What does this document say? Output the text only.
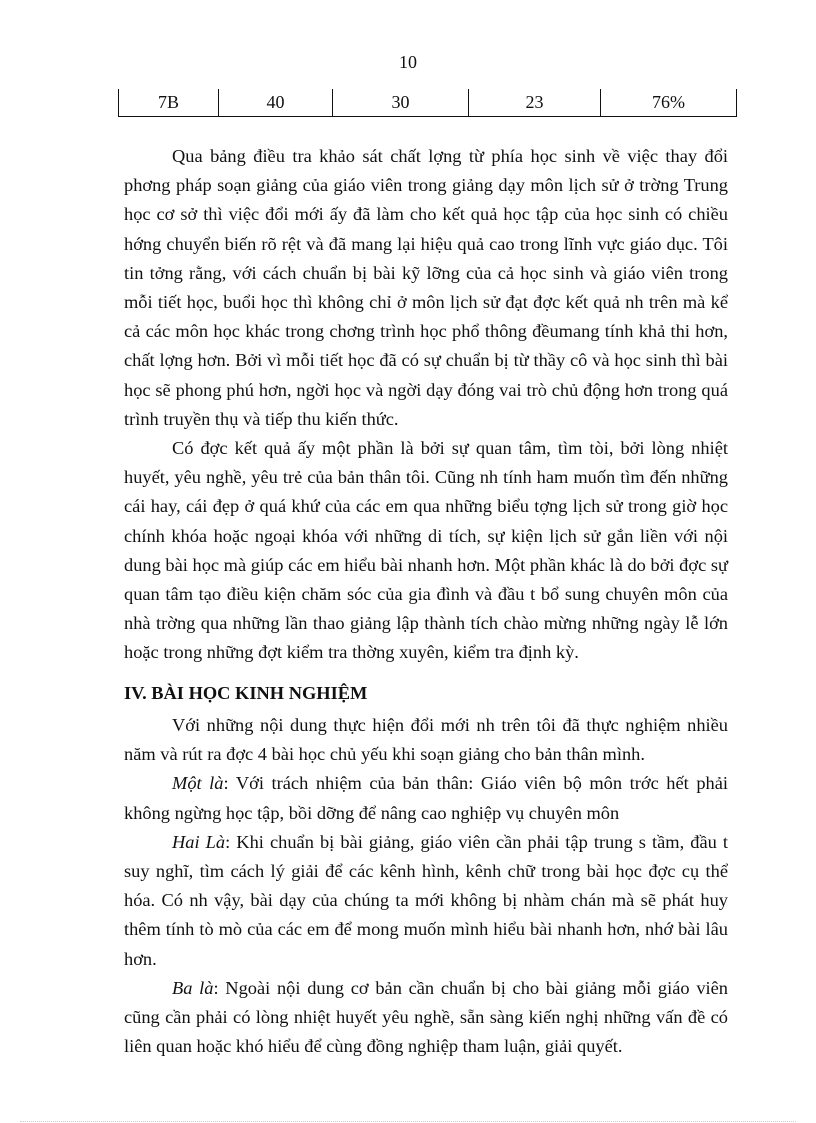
10
7B	40	30	23	76%

Qua bảng điều tra khảo sát chất lợng từ phía học sinh về việc thay đổi phơng pháp soạn giảng của giáo viên trong giảng dạy môn lịch sử ở trờng Trung học cơ sở thì việc đổi mới ấy đã làm cho kết quả học tập của học sinh có chiều hớng chuyển biến rõ rệt và đã mang lại hiệu quả cao trong lĩnh vực giáo dục. Tôi tin tởng rằng, với cách chuẩn bị bài kỹ lỡng của cả học sinh và giáo viên trong mỗi tiết học, buổi học thì không chỉ ở môn lịch sử đạt đợc kết quả nh trên mà kể cả các môn học khác trong chơng trình học phổ thông đềumang tính khả thi hơn, chất lợng hơn. Bởi vì mỗi tiết học đã có sự chuẩn bị từ thầy cô và học sinh thì bài học sẽ phong phú hơn, ngời học và ngời dạy đóng vai trò chủ động hơn trong quá trình truyền thụ và tiếp thu kiến thức.

Có đợc kết quả ấy một phần là bởi sự quan tâm, tìm tòi, bởi lòng nhiệt huyết, yêu nghề, yêu trẻ của bản thân tôi. Cũng nh tính ham muốn tìm đến những cái hay, cái đẹp ở quá khứ của các em qua những biểu tợng lịch sử trong giờ học chính khóa hoặc ngoại khóa với những di tích, sự kiện lịch sử gắn liền với nội dung bài học mà giúp các em hiểu bài nhanh hơn. Một phần khác là do bởi đợc sự quan tâm tạo điều kiện chăm sóc của gia đình và đầu t bổ sung chuyên môn của nhà trờng qua những lần thao giảng lập thành tích chào mừng những ngày lễ lớn hoặc trong những đợt kiểm tra thờng xuyên, kiểm tra định kỳ.

IV. BÀI HỌC KINH NGHIỆM

Với những nội dung thực hiện đổi mới nh trên tôi đã thực nghiệm nhiều năm và rút ra đợc 4 bài học chủ yếu khi soạn giảng cho bản thân mình.

Một là: Với trách nhiệm của bản thân: Giáo viên bộ môn trớc hết phải không ngừng học tập, bồi dỡng để nâng cao nghiệp vụ chuyên môn

Hai Là: Khi chuẩn bị bài giảng, giáo viên cần phải tập trung s tầm, đầu t suy nghĩ, tìm cách lý giải để các kênh hình, kênh chữ trong bài học đợc cụ thể hóa. Có nh vậy, bài dạy của chúng ta mới không bị nhàm chán mà sẽ phát huy thêm tính tò mò của các em để mong muốn mình hiểu bài nhanh hơn, nhớ bài lâu hơn.

Ba là: Ngoài nội dung cơ bản cần chuẩn bị cho bài giảng mỗi giáo viên cũng cần phải có lòng nhiệt huyết yêu nghề, sẵn sàng kiến nghị những vấn đề có liên quan hoặc khó hiểu để cùng đồng nghiệp tham luận, giải quyết.
